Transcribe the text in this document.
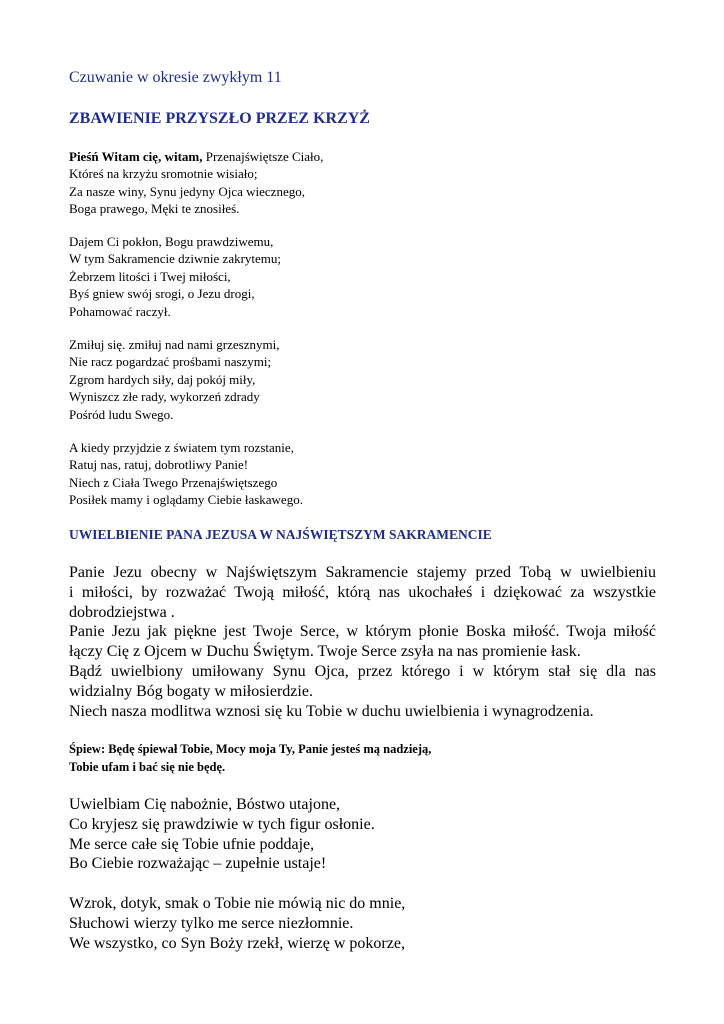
Czuwanie w okresie zwykłym 11
ZBAWIENIE PRZYSZŁO PRZEZ KRZYŻ
Pieśń Witam cię, witam, Przenajświętsze Ciało,
Któreś na krzyżu sromotnie wisiało;
Za nasze winy, Synu jedyny Ojca wiecznego,
Boga prawego, Męki te znosiłeś.
Dajem Ci pokłon, Bogu prawdziwemu,
W tym Sakramencie dziwnie zakrytemu;
Żebrzem litości i Twej miłości,
Byś gniew swój srogi, o Jezu drogi,
Pohamować raczył.
Zmiłuj się. zmiłuj nad nami grzesznymi,
Nie racz pogardzać prośbami naszymi;
Zgrom hardych siły, daj pokój miły,
Wyniszcz złe rady, wykorzeń zdrady
Pośród ludu Swego.
A kiedy przyjdzie z światem tym rozstanie,
Ratuj nas, ratuj, dobrotliwy Panie!
Niech z Ciała Twego Przenajświętszego
Posiłek mamy i oglądamy Ciebie łaskawego.
UWIELBIENIE PANA JEZUSA W NAJŚWIĘTSZYM SAKRAMENCIE
Panie Jezu obecny w Najświętszym Sakramencie stajemy przed Tobą w uwielbieniu
i miłości, by rozważać Twoją miłość, którą nas ukochałeś i dziękować za wszystkie
dobrodziejstwa .
Panie Jezu jak piękne jest Twoje Serce, w którym płonie Boska miłość. Twoja miłość
łączy Cię z Ojcem w Duchu Świętym. Twoje Serce zsyła na nas promienie łask.
Bądź uwielbiony umiłowany Synu Ojca, przez którego i w którym stał się dla nas
widzialny Bóg bogaty w miłosierdzie.
Niech nasza modlitwa wznosi się ku Tobie w duchu uwielbienia i wynagrodzenia.
Śpiew: Będę śpiewał Tobie, Mocy moja Ty, Panie jesteś mą nadzieją,
Tobie ufam i bać się nie będę.
Uwielbiam Cię nabożnie, Bóstwo utajone,
Co kryjesz się prawdziwie w tych figur osłonie.
Me serce całe się Tobie ufnie poddaje,
Bo Ciebie rozważając – zupełnie ustaje!
Wzrok, dotyk, smak o Tobie nie mówią nic do mnie,
Słuchowi wierzy tylko me serce niezłomnie.
We wszystko, co Syn Boży rzekł, wierzę w pokorze,
